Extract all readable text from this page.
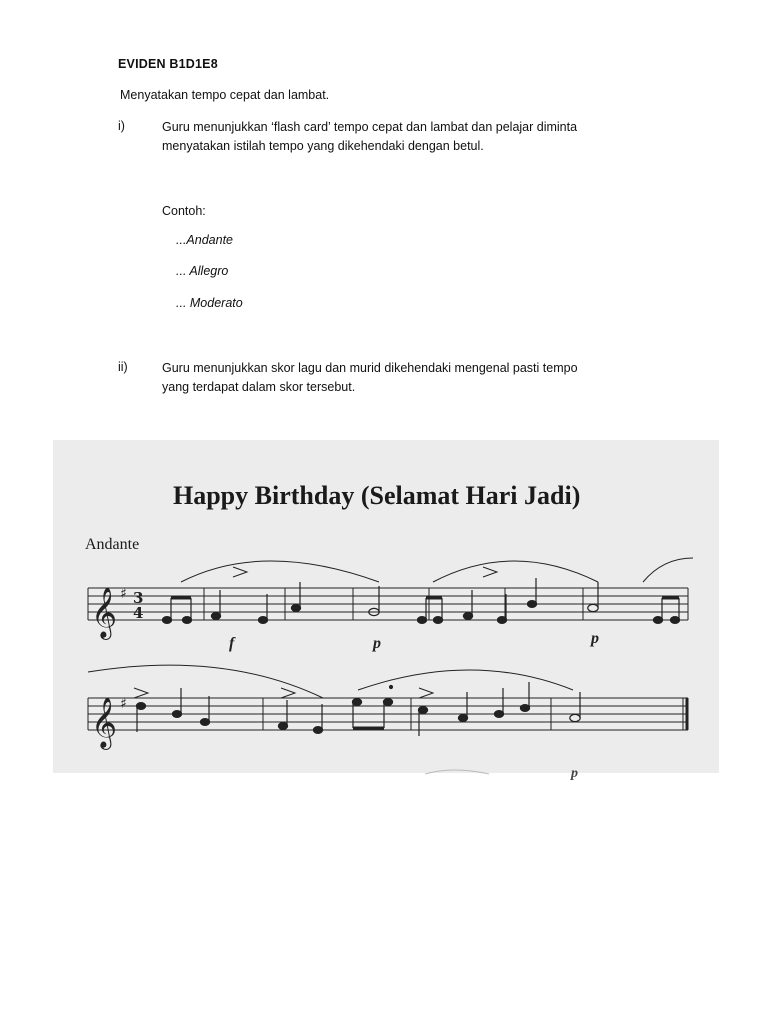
EVIDEN B1D1E8
Menyatakan tempo cepat dan lambat.
i)	Guru menunjukkan ‘flash card’ tempo cepat dan lambat dan pelajar diminta
menyatakan istilah tempo yang dikehendaki dengan betul.
Contoh:
...Andante
... Allegro
... Moderato
ii)	Guru menunjukkan skor lagu dan murid dikehendaki mengenal pasti tempo
yang terdapat dalam skor tersebut.
Happy Birthday (Selamat Hari Jadi)
Andante
𝄞
𝄞
♯
♯
3
4
f	p	p
p
